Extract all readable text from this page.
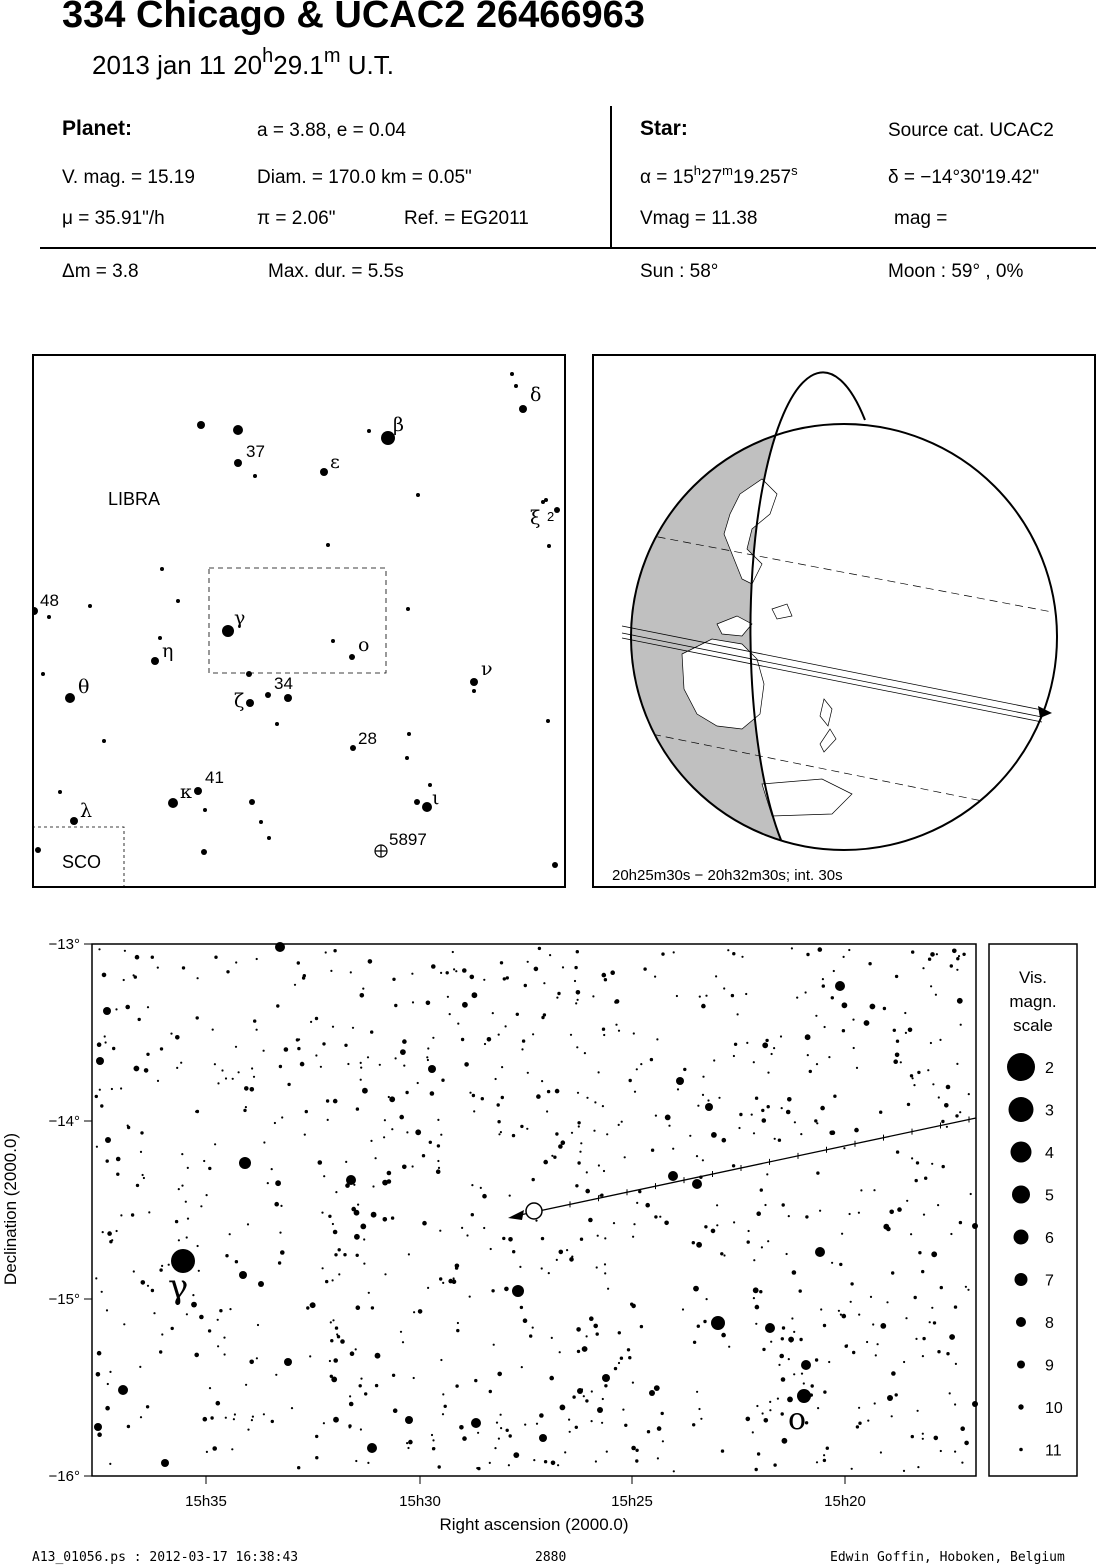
334 Chicago & UCAC2 26466963
2013 jan 11 20$^h$29.1$^m$ U.T.
Planet:	a = 3.88, e = 0.04
V. mag. = 15.19	Diam. = 170.0 km = 0.05"
μ = 35.91"/h	π = 2.06"	Ref. = EG2011
Star:	Source cat. UCAC2
$\alpha = 15^h27^m19.257^s$	δ = −14°30'19.42"
Vmag = 11.38	mag =
Δm = 3.8	Max. dur. = 5.5s	Sun : 58°	Moon : 59° , 0%
LIBRA
SCO
δ
β
37	ε
ξ 2
48
γ
η	ο
ν
θ
ζ
34
28
κ
41
λ
ι
5897
20h25m30s − 20h32m30s; int. 30s
γ
ο
−13°
−14°
−15°
−16°
15h35	15h30	15h25	15h20
Right ascension (2000.0)
Declination (2000.0)
Vis.
magn.
scale
2
3
4
5
6
7
8
9
10
11
A13_01056.ps : 2012-03-17 16:38:43	2880	Edwin Goffin, Hoboken, Belgium
